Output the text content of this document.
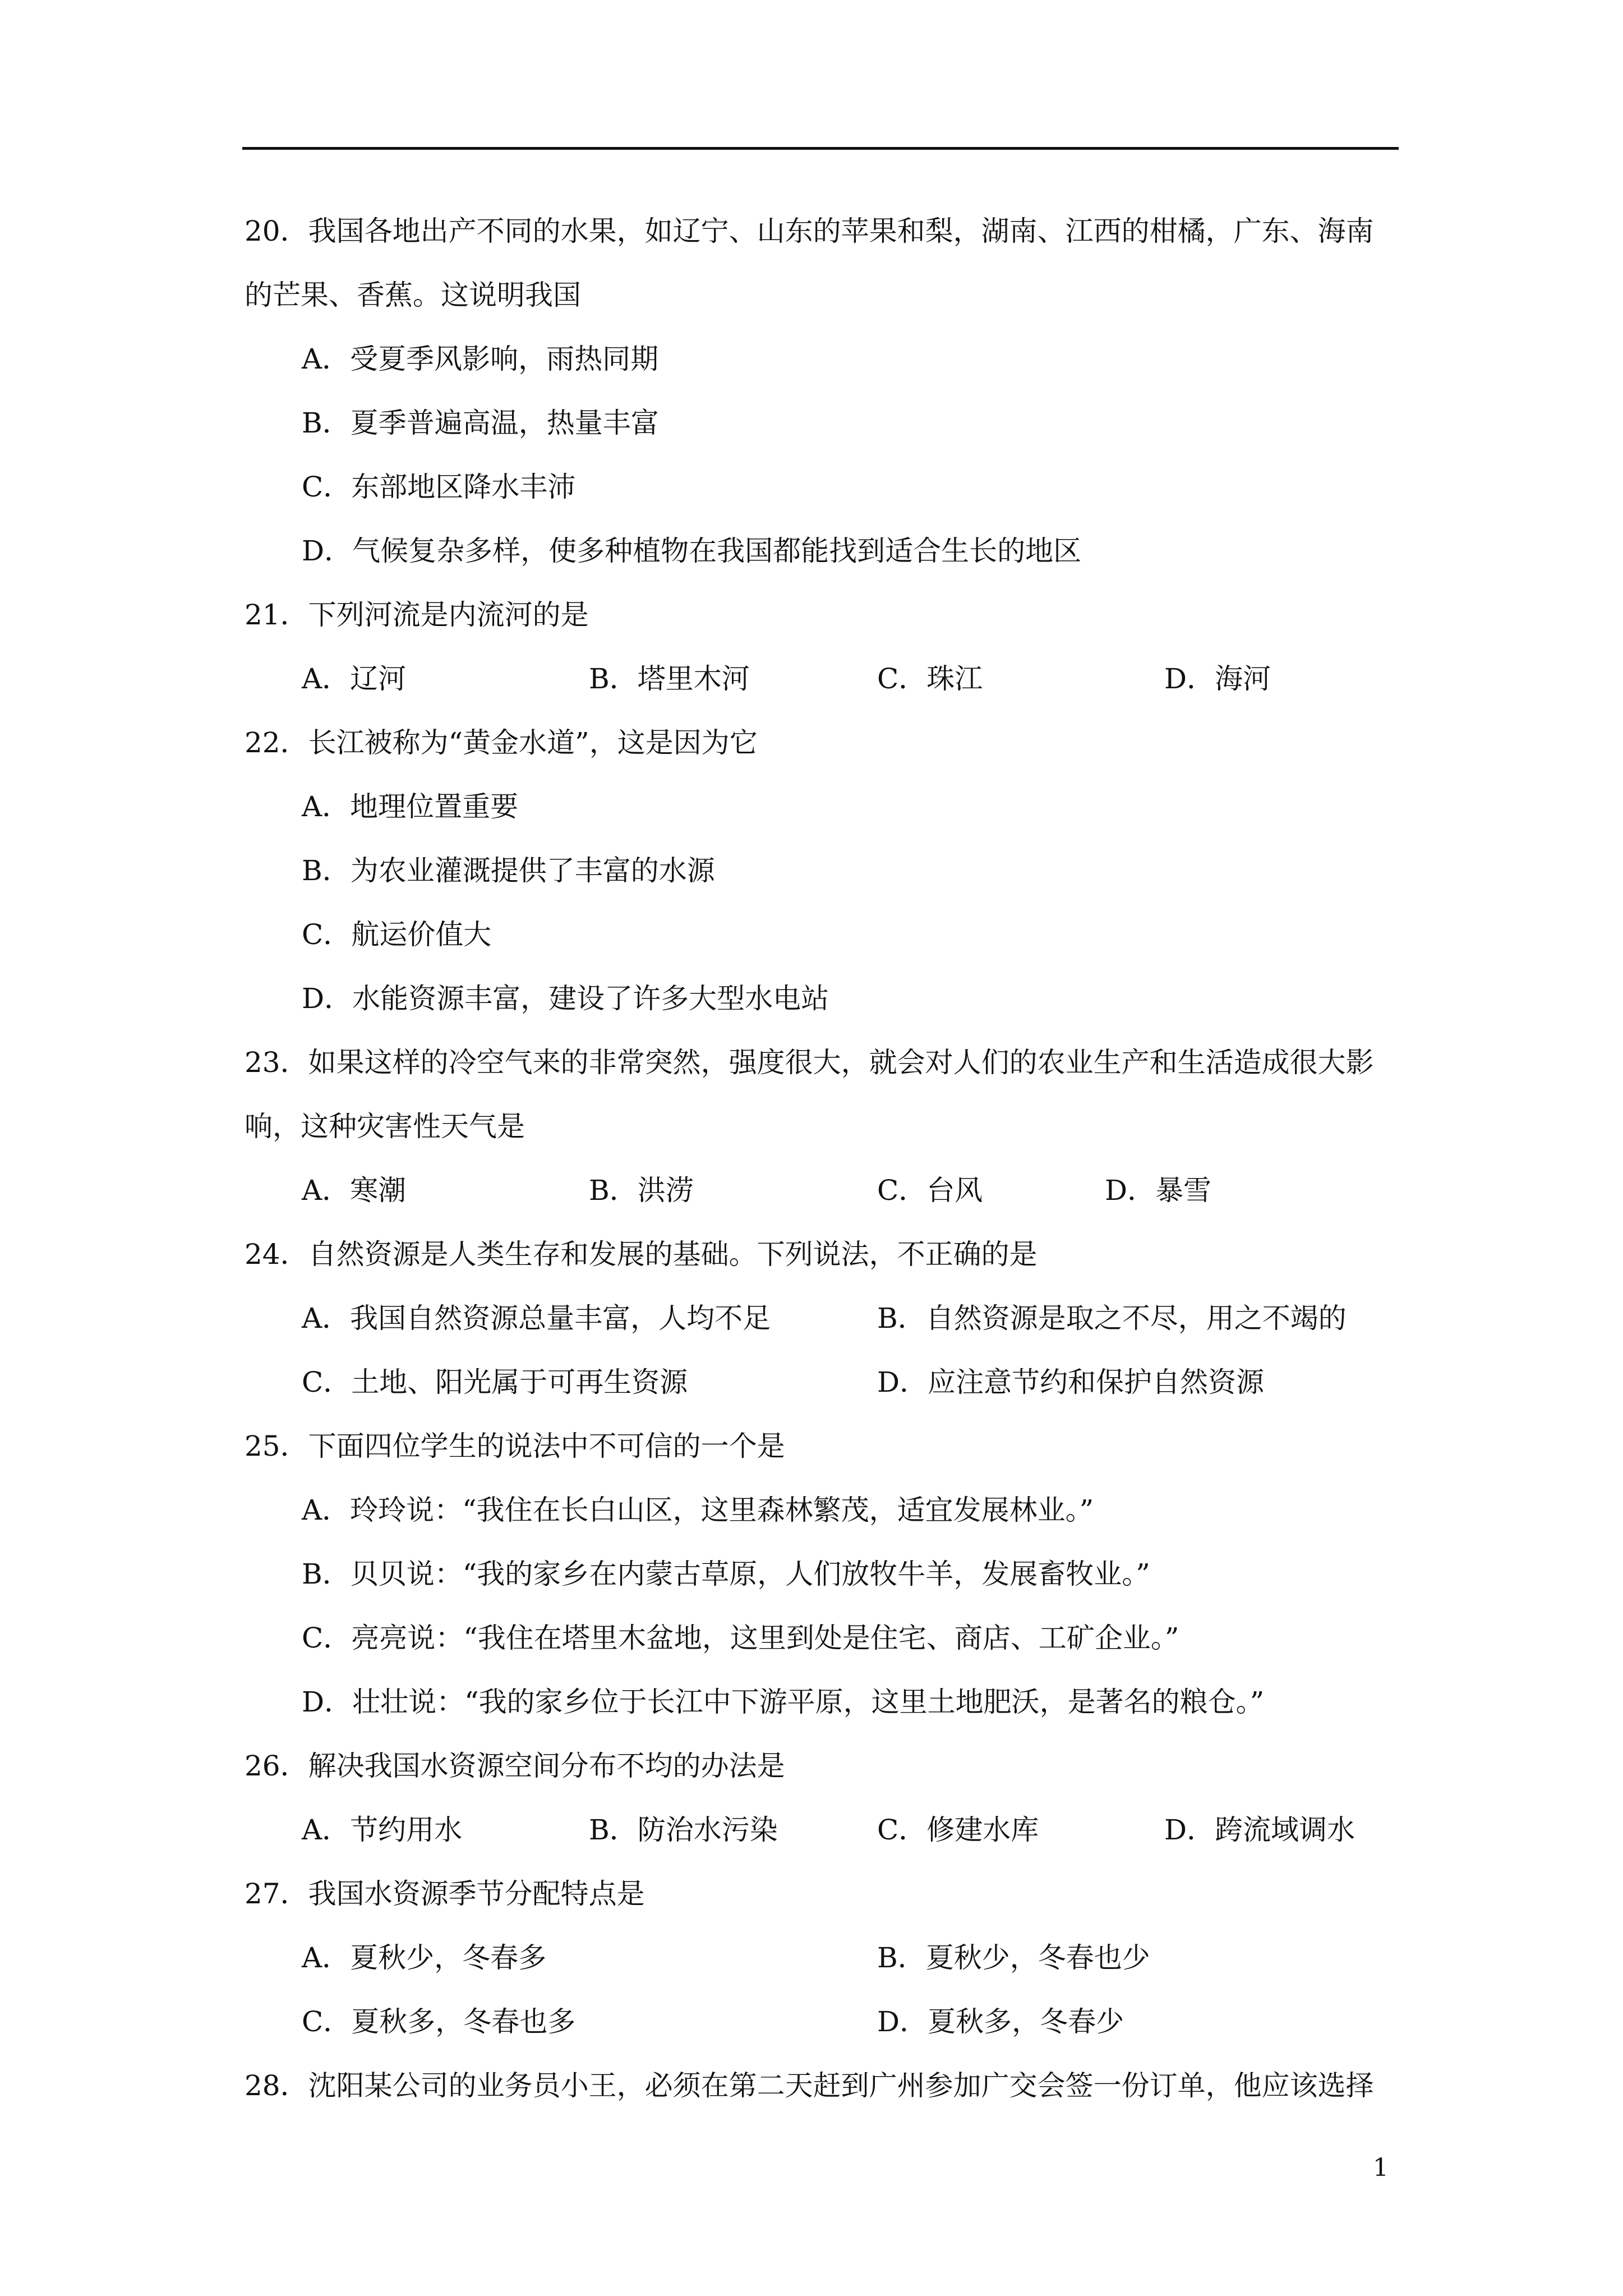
20．我国各地出产不同的水果，如辽宁、山东的苹果和梨，湖南、江西的柑橘，广东、海南
的芒果、香蕉。这说明我国
A．受夏季风影响，雨热同期
B．夏季普遍高温，热量丰富
C．东部地区降水丰沛
D．气候复杂多样，使多种植物在我国都能找到适合生长的地区
21．下列河流是内流河的是
A．辽河	B．塔里木河	C．珠江	D．海河
22．长江被称为“黄金水道”，这是因为它
A．地理位置重要
B．为农业灌溉提供了丰富的水源
C．航运价值大
D．水能资源丰富，建设了许多大型水电站
23．如果这样的冷空气来的非常突然，强度很大，就会对人们的农业生产和生活造成很大影
响，这种灾害性天气是
A．寒潮	B．洪涝	C．台风	D．暴雪
24．自然资源是人类生存和发展的基础。下列说法，不正确的是
A．我国自然资源总量丰富，人均不足	B．自然资源是取之不尽，用之不竭的
C．土地、阳光属于可再生资源	D．应注意节约和保护自然资源
25．下面四位学生的说法中不可信的一个是
A．玲玲说：“我住在长白山区，这里森林繁茂，适宜发展林业。”
B．贝贝说：“我的家乡在内蒙古草原，人们放牧牛羊，发展畜牧业。”
C．亮亮说：“我住在塔里木盆地，这里到处是住宅、商店、工矿企业。”
D．壮壮说：“我的家乡位于长江中下游平原，这里土地肥沃，是著名的粮仓。”
26．解决我国水资源空间分布不均的办法是
A．节约用水	B．防治水污染	C．修建水库	D．跨流域调水
27．我国水资源季节分配特点是
A．夏秋少，冬春多	B．夏秋少，冬春也少
C．夏秋多，冬春也多	D．夏秋多，冬春少
28．沈阳某公司的业务员小王，必须在第二天赶到广州参加广交会签一份订单，他应该选择
1
